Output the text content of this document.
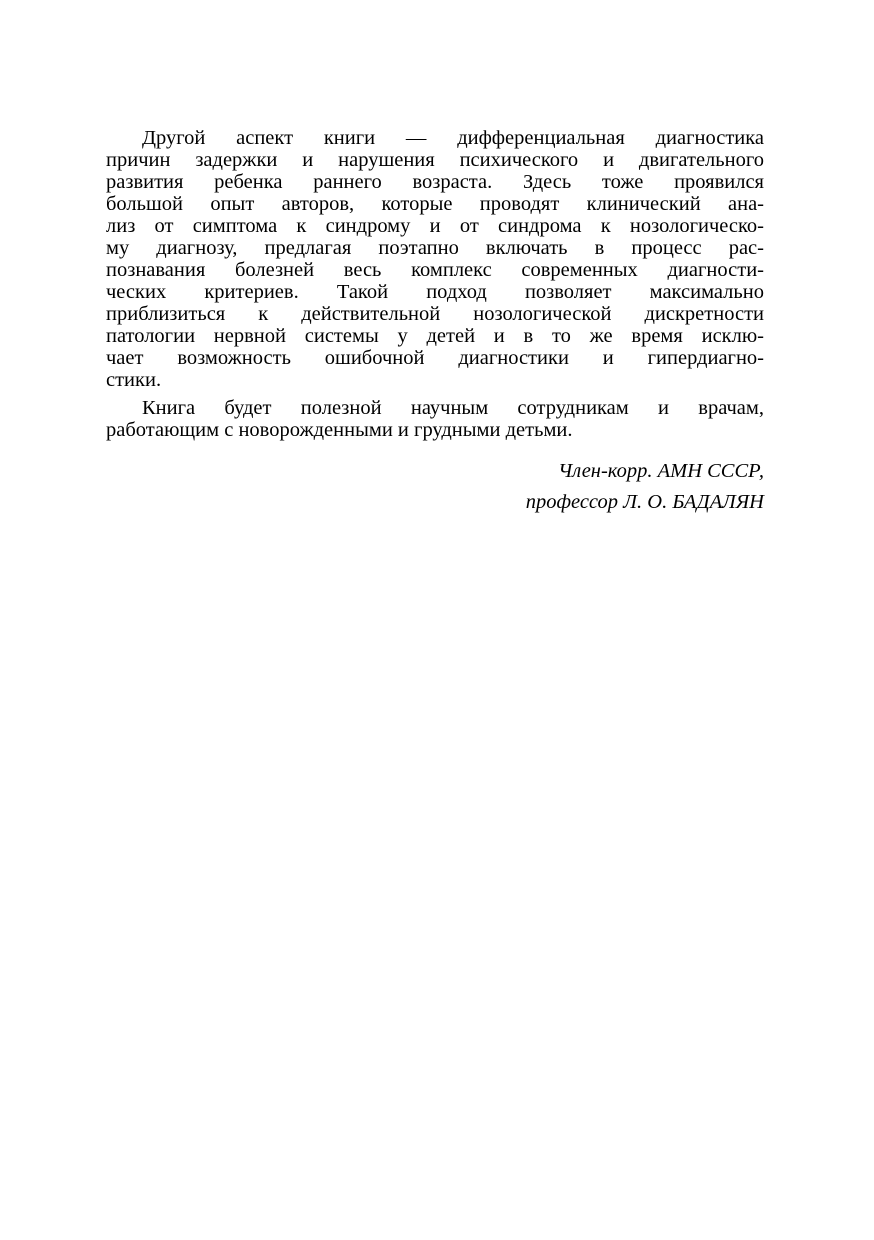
Другой аспект книги — дифференциальная диагностика
причин задержки и нарушения психического и двигательного
развития ребенка раннего возраста. Здесь тоже проявился
большой опыт авторов, которые проводят клинический ана-
лиз от симптома к синдрому и от синдрома к нозологическо-
му диагнозу, предлагая поэтапно включать в процесс рас-
познавания болезней весь комплекс современных диагности-
ческих критериев. Такой подход позволяет максимально
приблизиться к действительной нозологической дискретности
патологии нервной системы у детей и в то же время исклю-
чает возможность ошибочной диагностики и гипердиагно-
стики.
Книга будет полезной научным сотрудникам и врачам,
работающим с новорожденными и грудными детьми.
Член-корр. АМН СССР,
профессор Л. О. БАДАЛЯН
